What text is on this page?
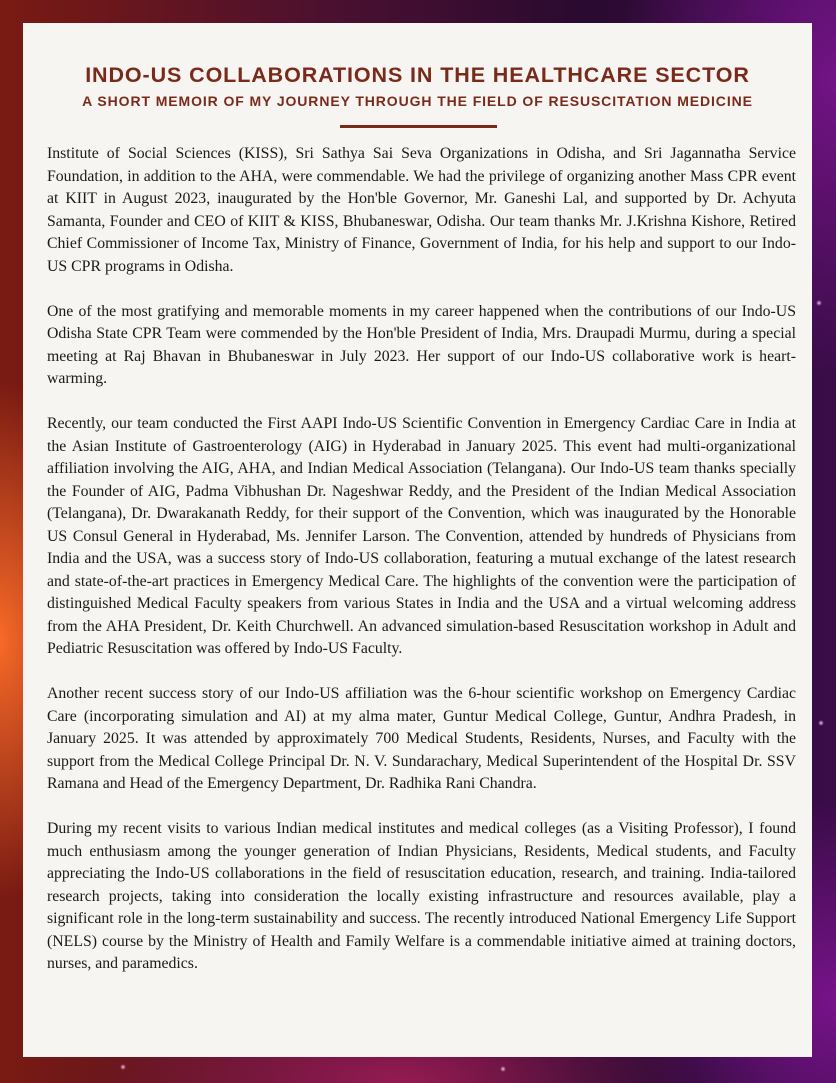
INDO-US COLLABORATIONS IN THE HEALTHCARE SECTOR
A SHORT MEMOIR OF MY JOURNEY THROUGH THE FIELD OF RESUSCITATION MEDICINE

Institute of Social Sciences (KISS), Sri Sathya Sai Seva Organizations in Odisha, and Sri Jagannatha Service Foundation, in addition to the AHA, were commendable. We had the privilege of organizing another Mass CPR event at KIIT in August 2023, inaugurated by the Hon'ble Governor, Mr. Ganeshi Lal, and supported by Dr. Achyuta Samanta, Founder and CEO of KIIT & KISS, Bhubaneswar, Odisha. Our team thanks Mr. J.Krishna Kishore, Retired Chief Commissioner of Income Tax, Ministry of Finance, Government of India, for his help and support to our Indo-US CPR programs in Odisha.

One of the most gratifying and memorable moments in my career happened when the contributions of our Indo-US Odisha State CPR Team were commended by the Hon'ble President of India, Mrs. Draupadi Murmu, during a special meeting at Raj Bhavan in Bhubaneswar in July 2023. Her support of our Indo-US collaborative work is heart-warming.

Recently, our team conducted the First AAPI Indo-US Scientific Convention in Emergency Cardiac Care in India at the Asian Institute of Gastroenterology (AIG) in Hyderabad in January 2025. This event had multi-organizational affiliation involving the AIG, AHA, and Indian Medical Association (Telangana). Our Indo-US team thanks specially the Founder of AIG, Padma Vibhushan Dr. Nageshwar Reddy, and the President of the Indian Medical Association (Telangana), Dr. Dwarakanath Reddy, for their support of the Convention, which was inaugurated by the Honorable US Consul General in Hyderabad, Ms. Jennifer Larson. The Convention, attended by hundreds of Physicians from India and the USA, was a success story of Indo-US collaboration, featuring a mutual exchange of the latest research and state-of-the-art practices in Emergency Medical Care. The highlights of the convention were the participation of distinguished Medical Faculty speakers from various States in India and the USA and a virtual welcoming address from the AHA President, Dr. Keith Churchwell. An advanced simulation-based Resuscitation workshop in Adult and Pediatric Resuscitation was offered by Indo-US Faculty.

Another recent success story of our Indo-US affiliation was the 6-hour scientific workshop on Emergency Cardiac Care (incorporating simulation and AI) at my alma mater, Guntur Medical College, Guntur, Andhra Pradesh, in January 2025. It was attended by approximately 700 Medical Students, Residents, Nurses, and Faculty with the support from the Medical College Principal Dr. N. V. Sundarachary, Medical Superintendent of the Hospital Dr. SSV Ramana and Head of the Emergency Department, Dr. Radhika Rani Chandra.

During my recent visits to various Indian medical institutes and medical colleges (as a Visiting Professor), I found much enthusiasm among the younger generation of Indian Physicians, Residents, Medical students, and Faculty appreciating the Indo-US collaborations in the field of resuscitation education, research, and training. India-tailored research projects, taking into consideration the locally existing infrastructure and resources available, play a significant role in the long-term sustainability and success. The recently introduced National Emergency Life Support (NELS) course by the Ministry of Health and Family Welfare is a commendable initiative aimed at training doctors, nurses, and paramedics.
